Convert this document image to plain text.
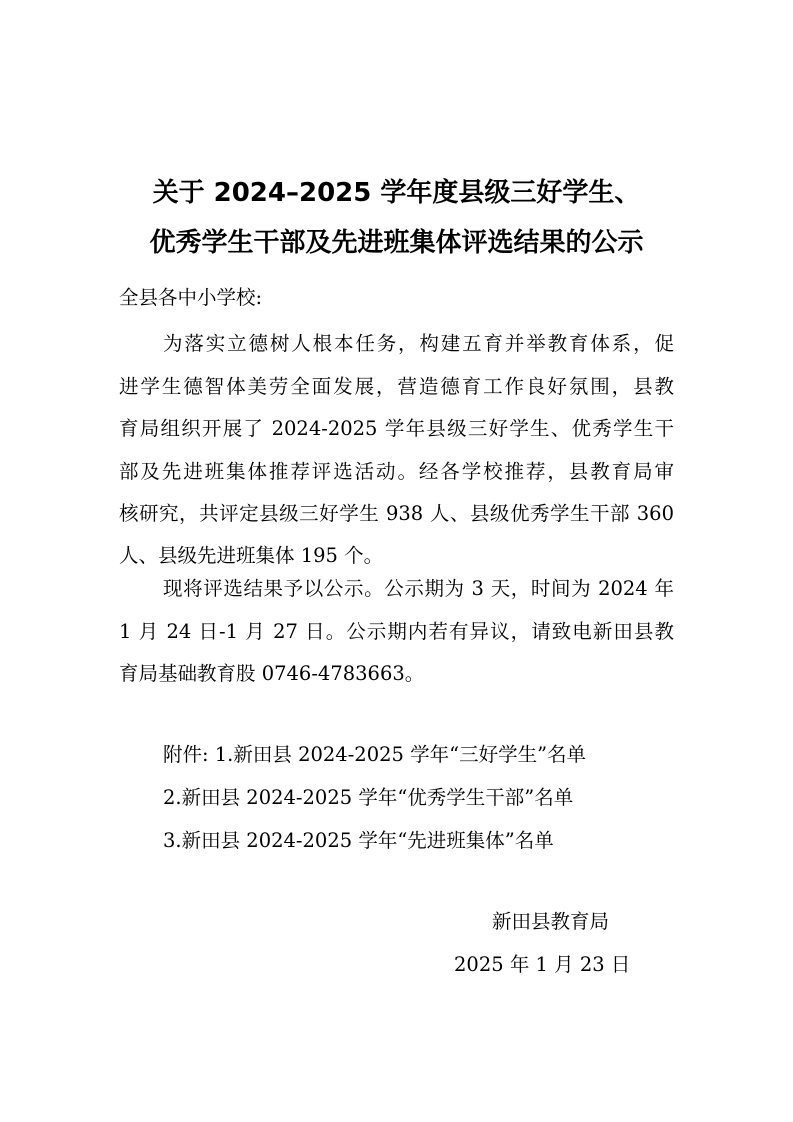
关于 2024–2025 学年度县级三好学生、
优秀学生干部及先进班集体评选结果的公示
全县各中小学校:
为落实立德树人根本任务，构建五育并举教育体系，促
进学生德智体美劳全面发展，营造德育工作良好氛围，县教
育局组织开展了 2024-2025 学年县级三好学生、优秀学生干
部及先进班集体推荐评选活动。经各学校推荐，县教育局审
核研究，共评定县级三好学生 938 人、县级优秀学生干部 360
人、县级先进班集体 195 个。
现将评选结果予以公示。公示期为 3 天，时间为 2024 年
1 月 24 日-1 月 27 日。公示期内若有异议，请致电新田县教
育局基础教育股 0746-4783663。
附件: 1.新田县 2024-2025 学年“三好学生”名单
2.新田县 2024-2025 学年“优秀学生干部”名单
3.新田县 2024-2025 学年“先进班集体”名单
新田县教育局
2025 年 1 月 23 日
